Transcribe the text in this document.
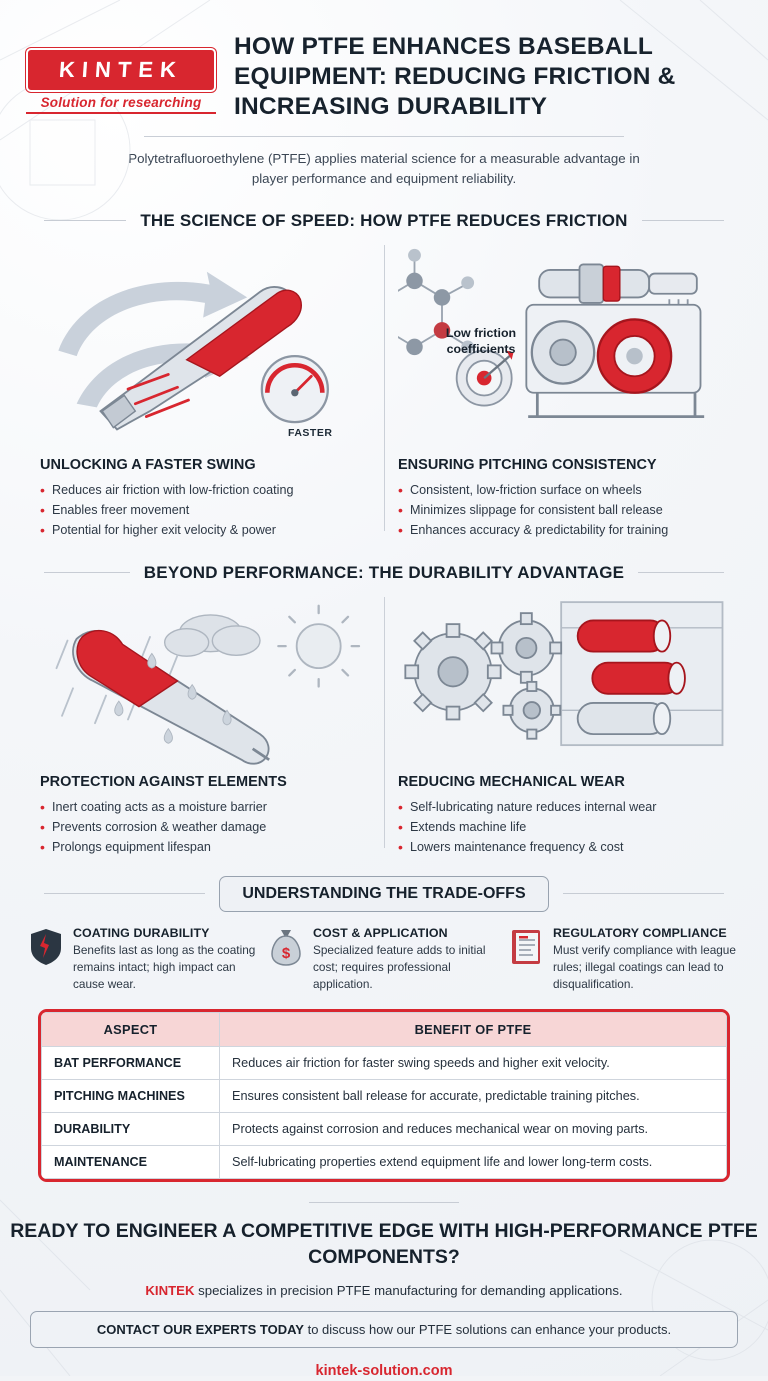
KINTEK
Solution for researching
HOW PTFE ENHANCES BASEBALL EQUIPMENT: REDUCING FRICTION & INCREASING DURABILITY
Polytetrafluoroethylene (PTFE) applies material science for a measurable advantage in player performance and equipment reliability.
THE SCIENCE OF SPEED: HOW PTFE REDUCES FRICTION
FASTER
UNLOCKING A FASTER SWING
• Reduces air friction with low-friction coating
• Enables freer movement
• Potential for higher exit velocity & power
Low friction coefficients
ENSURING PITCHING CONSISTENCY
• Consistent, low-friction surface on wheels
• Minimizes slippage for consistent ball release
• Enhances accuracy & predictability for training
BEYOND PERFORMANCE: THE DURABILITY ADVANTAGE
PROTECTION AGAINST ELEMENTS
• Inert coating acts as a moisture barrier
• Prevents corrosion & weather damage
• Prolongs equipment lifespan
REDUCING MECHANICAL WEAR
• Self-lubricating nature reduces internal wear
• Extends machine life
• Lowers maintenance frequency & cost
UNDERSTANDING THE TRADE-OFFS
COATING DURABILITY

Benefits last as long as the coating remains intact; high impact can cause wear.

$
COST & APPLICATION

Specialized feature adds to initial cost; requires professional application.

REGULATORY COMPLIANCE

Must verify compliance with league rules; illegal coatings can lead to disqualification.

ASPECT	BENEFIT OF PTFE
BAT PERFORMANCE	Reduces air friction for faster swing speeds and higher exit velocity.
PITCHING MACHINES	Ensures consistent ball release for accurate, predictable training pitches.
DURABILITY	Protects against corrosion and reduces mechanical wear on moving parts.
MAINTENANCE	Self-lubricating properties extend equipment life and lower long-term costs.
READY TO ENGINEER A COMPETITIVE EDGE WITH HIGH-PERFORMANCE PTFE COMPONENTS?
KINTEK specializes in precision PTFE manufacturing for demanding applications.
CONTACT OUR EXPERTS TODAY to discuss how our PTFE solutions can enhance your products.
kintek-solution.com
